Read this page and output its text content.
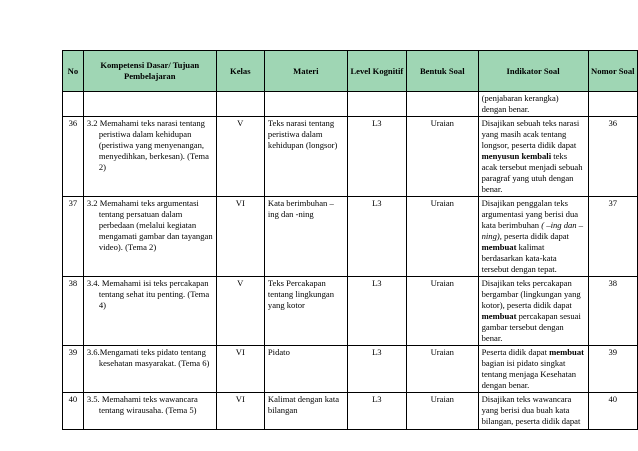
No	Kompetensi Dasar/ Tujuan Pembelajaran	Kelas	Materi	Level Kognitif	Bentuk Soal	Indikator Soal	Nomor Soal

						(penjabaran kerangka)
dengan benar.	

36	3.2 Memahami teks narasi tentang peristiwa dalam kehidupan (peristiwa yang menyenangan, menyedihkan, berkesan). (Tema 2)	V	Teks narasi tentang peristiwa dalam kehidupan (longsor)	L3	Uraian	Disajikan sebuah teks narasi yang masih acak tentang longsor, peserta didik dapat menyusun kembali teks acak tersebut menjadi sebuah paragraf yang utuh dengan benar.	36
37	3.2 Memahami teks argumentasi tentang persatuan dalam perbedaan (melalui kegiatan mengamati gambar dan tayangan video). (Tema 2)	VI	Kata berimbuhan –ing dan -ning	L3	Uraian	Disajikan penggalan teks argumentasi yang berisi dua kata berimbuhan ( –ing dan –ning), peserta didik dapat membuat kalimat berdasarkan kata-kata tersebut dengan tepat.	37
38	3.4. Memahami isi teks percakapan tentang sehat itu penting. (Tema 4)	V	Teks Percakapan tentang lingkungan yang kotor	L3	Uraian	Disajikan teks percakapan bergambar (lingkungan yang kotor), peserta didik dapat membuat percakapan sesuai gambar tersebut dengan benar.	38
39	3.6.Mengamati teks pidato tentang kesehatan masyarakat. (Tema 6)	VI	Pidato	L3	Uraian	Peserta didik dapat membuat bagian isi pidato singkat tentang menjaga Kesehatan dengan benar.	39
40	3.5. Memahami teks wawancara tentang wirausaha. (Tema 5)	VI	Kalimat dengan kata bilangan	L3	Uraian	Disajikan teks wawancara yang berisi dua buah kata bilangan, peserta didik dapat	40
